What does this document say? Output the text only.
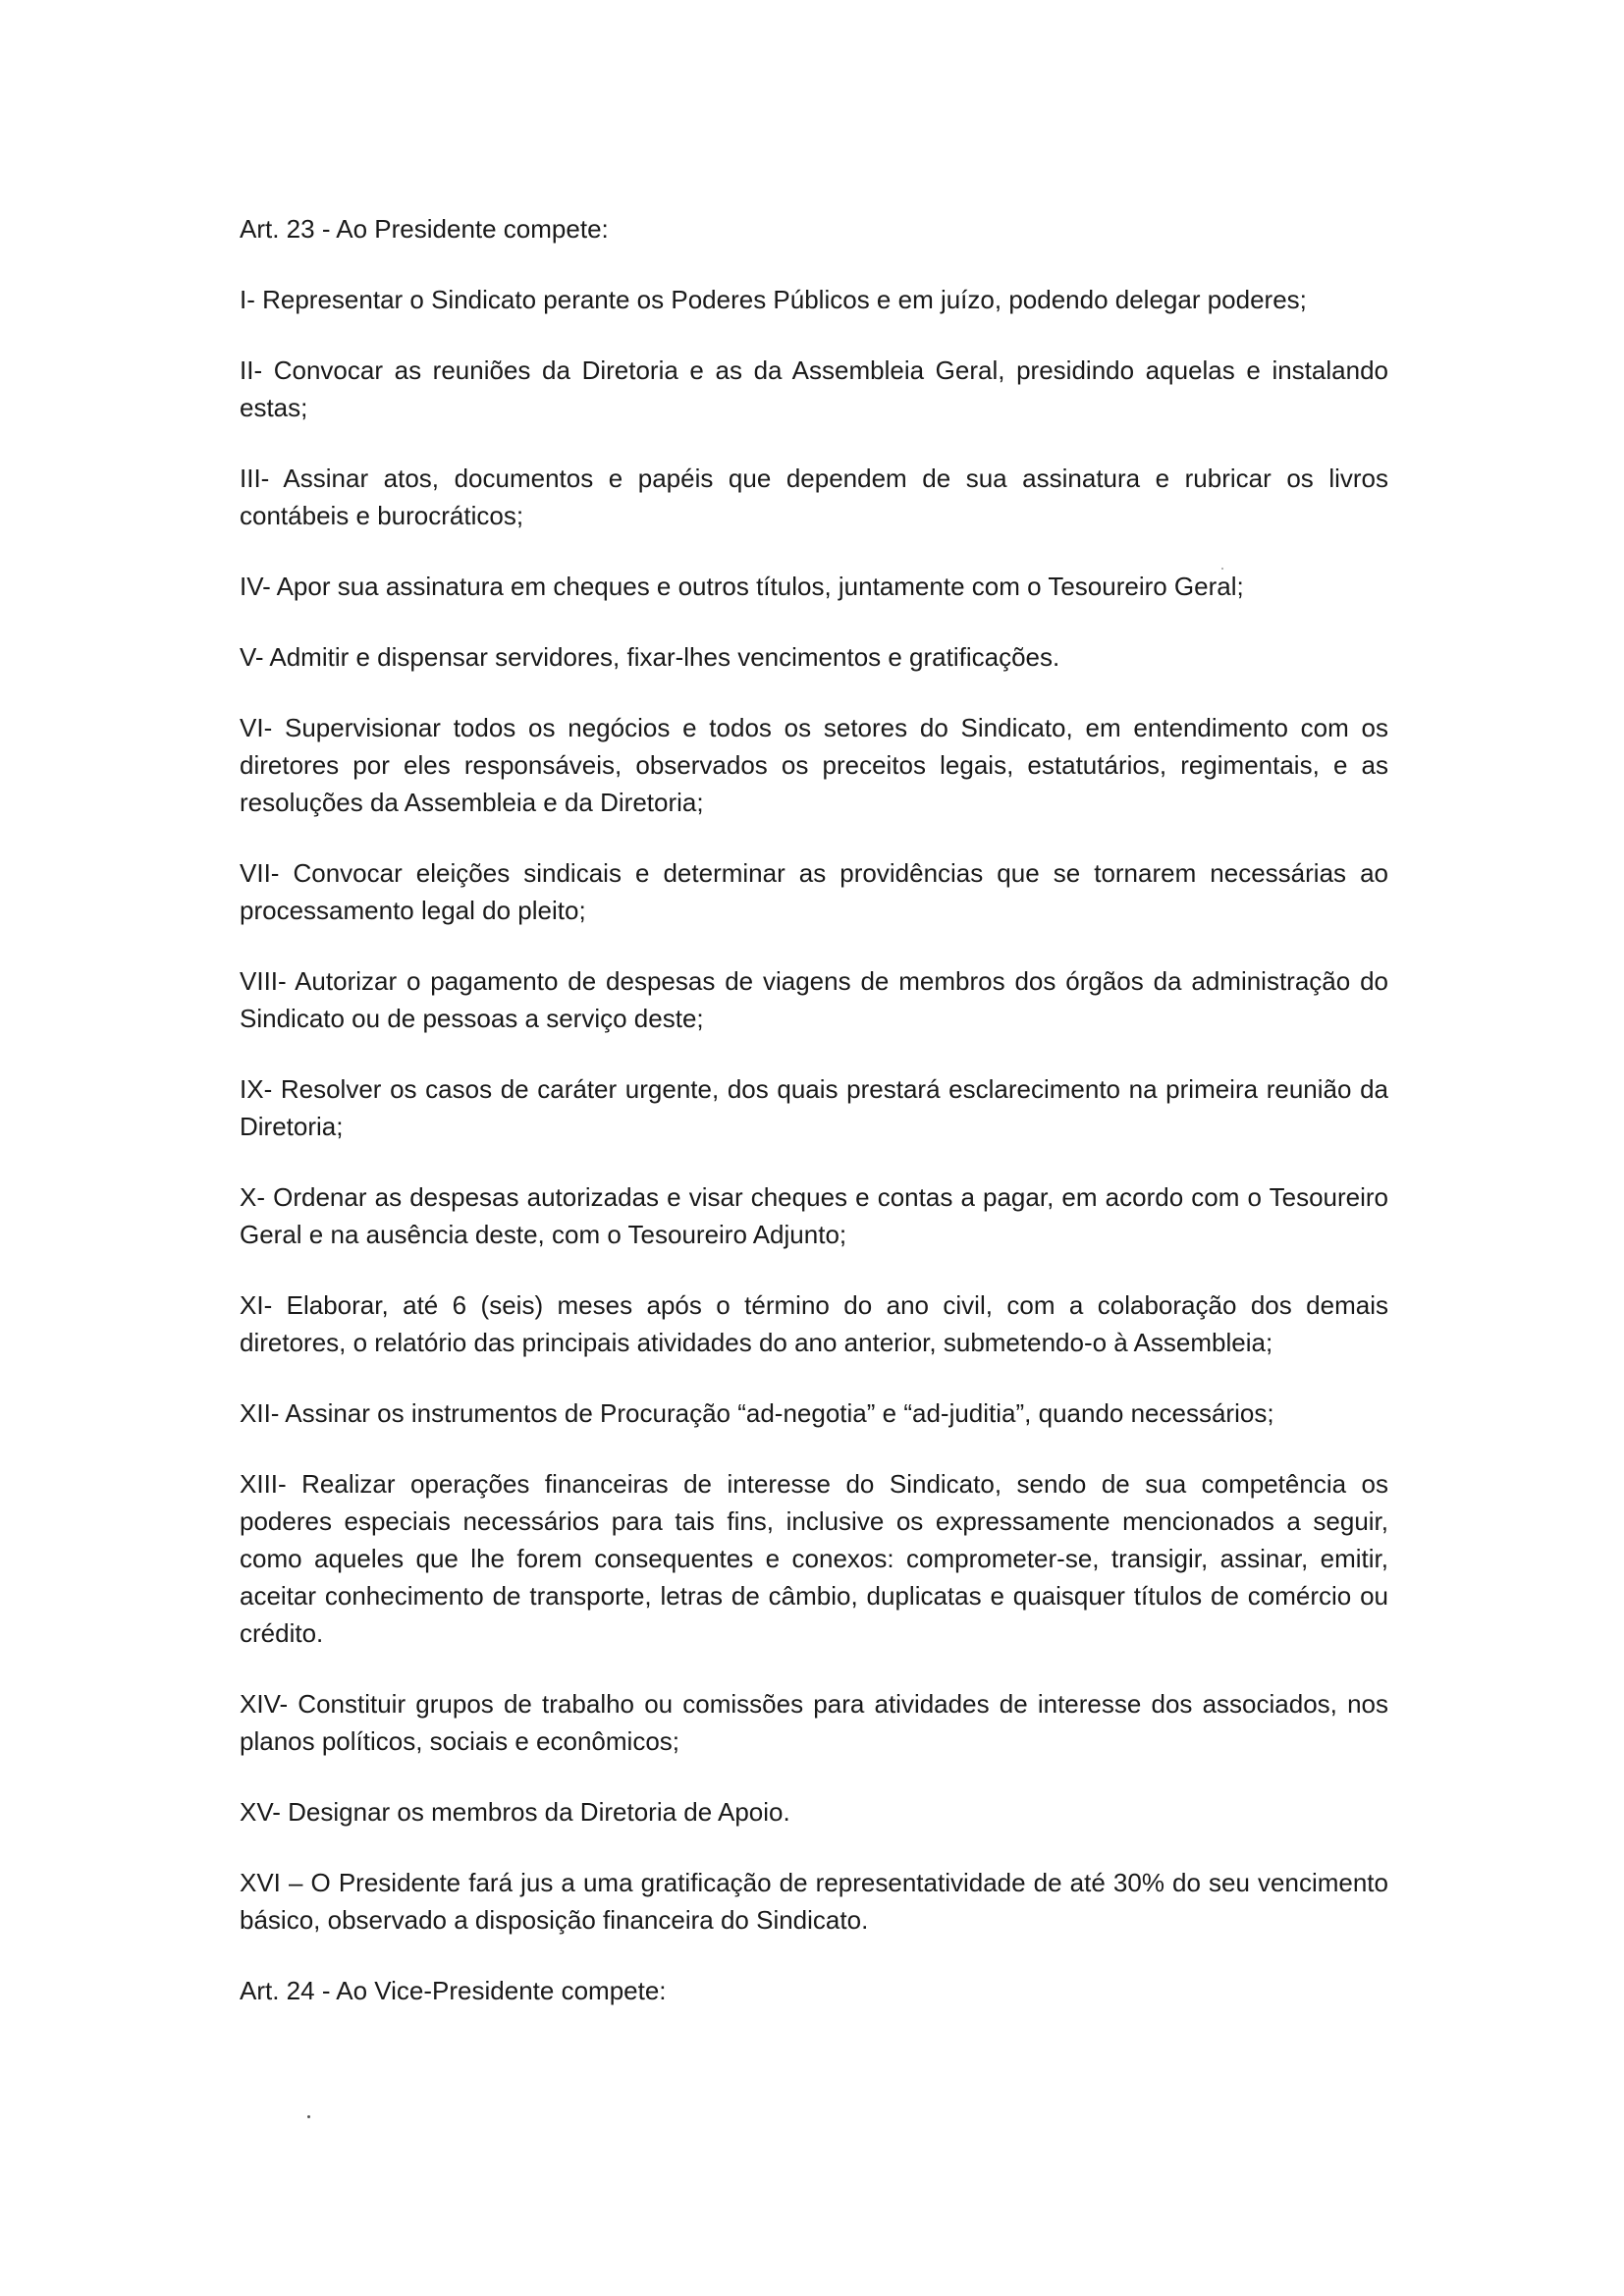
Art. 23 - Ao Presidente compete:

I- Representar o Sindicato perante os Poderes Públicos e em juízo, podendo delegar poderes;

II- Convocar as reuniões da Diretoria e as da Assembleia Geral, presidindo aquelas e instalando estas;

III- Assinar atos, documentos e papéis que dependem de sua assinatura e rubricar os livros contábeis e burocráticos;

IV- Apor sua assinatura em cheques e outros títulos, juntamente com o Tesoureiro Geral;

V- Admitir e dispensar servidores, fixar-lhes vencimentos e gratificações.

VI- Supervisionar todos os negócios e todos os setores do Sindicato, em entendimento com os diretores por eles responsáveis, observados os preceitos legais, estatutários, regimentais, e as resoluções da Assembleia e da Diretoria;

VII- Convocar eleições sindicais e determinar as providências que se tornarem necessárias ao processamento legal do pleito;

VIII- Autorizar o pagamento de despesas de viagens de membros dos órgãos da administração do Sindicato ou de pessoas a serviço deste;

IX- Resolver os casos de caráter urgente, dos quais prestará esclarecimento na primeira reunião da Diretoria;

X- Ordenar as despesas autorizadas e visar cheques e contas a pagar, em acordo com o Tesoureiro Geral e na ausência deste, com o Tesoureiro Adjunto;

XI- Elaborar, até 6 (seis) meses após o término do ano civil, com a colaboração dos demais diretores, o relatório das principais atividades do ano anterior, submetendo-o à Assembleia;

XII- Assinar os instrumentos de Procuração “ad-negotia” e “ad-juditia”, quando necessários;

XIII- Realizar operações financeiras de interesse do Sindicato, sendo de sua competência os poderes especiais necessários para tais fins, inclusive os expressamente mencionados a seguir, como aqueles que lhe forem consequentes e conexos: comprometer-se, transigir, assinar, emitir, aceitar conhecimento de transporte, letras de câmbio, duplicatas e quaisquer títulos de comércio ou crédito.

XIV- Constituir grupos de trabalho ou comissões para atividades de interesse dos associados, nos planos políticos, sociais e econômicos;

XV- Designar os membros da Diretoria de Apoio.

XVI – O Presidente fará jus a uma gratificação de representatividade de até 30% do seu vencimento básico, observado a disposição financeira do Sindicato.

Art. 24 - Ao Vice-Presidente compete:
